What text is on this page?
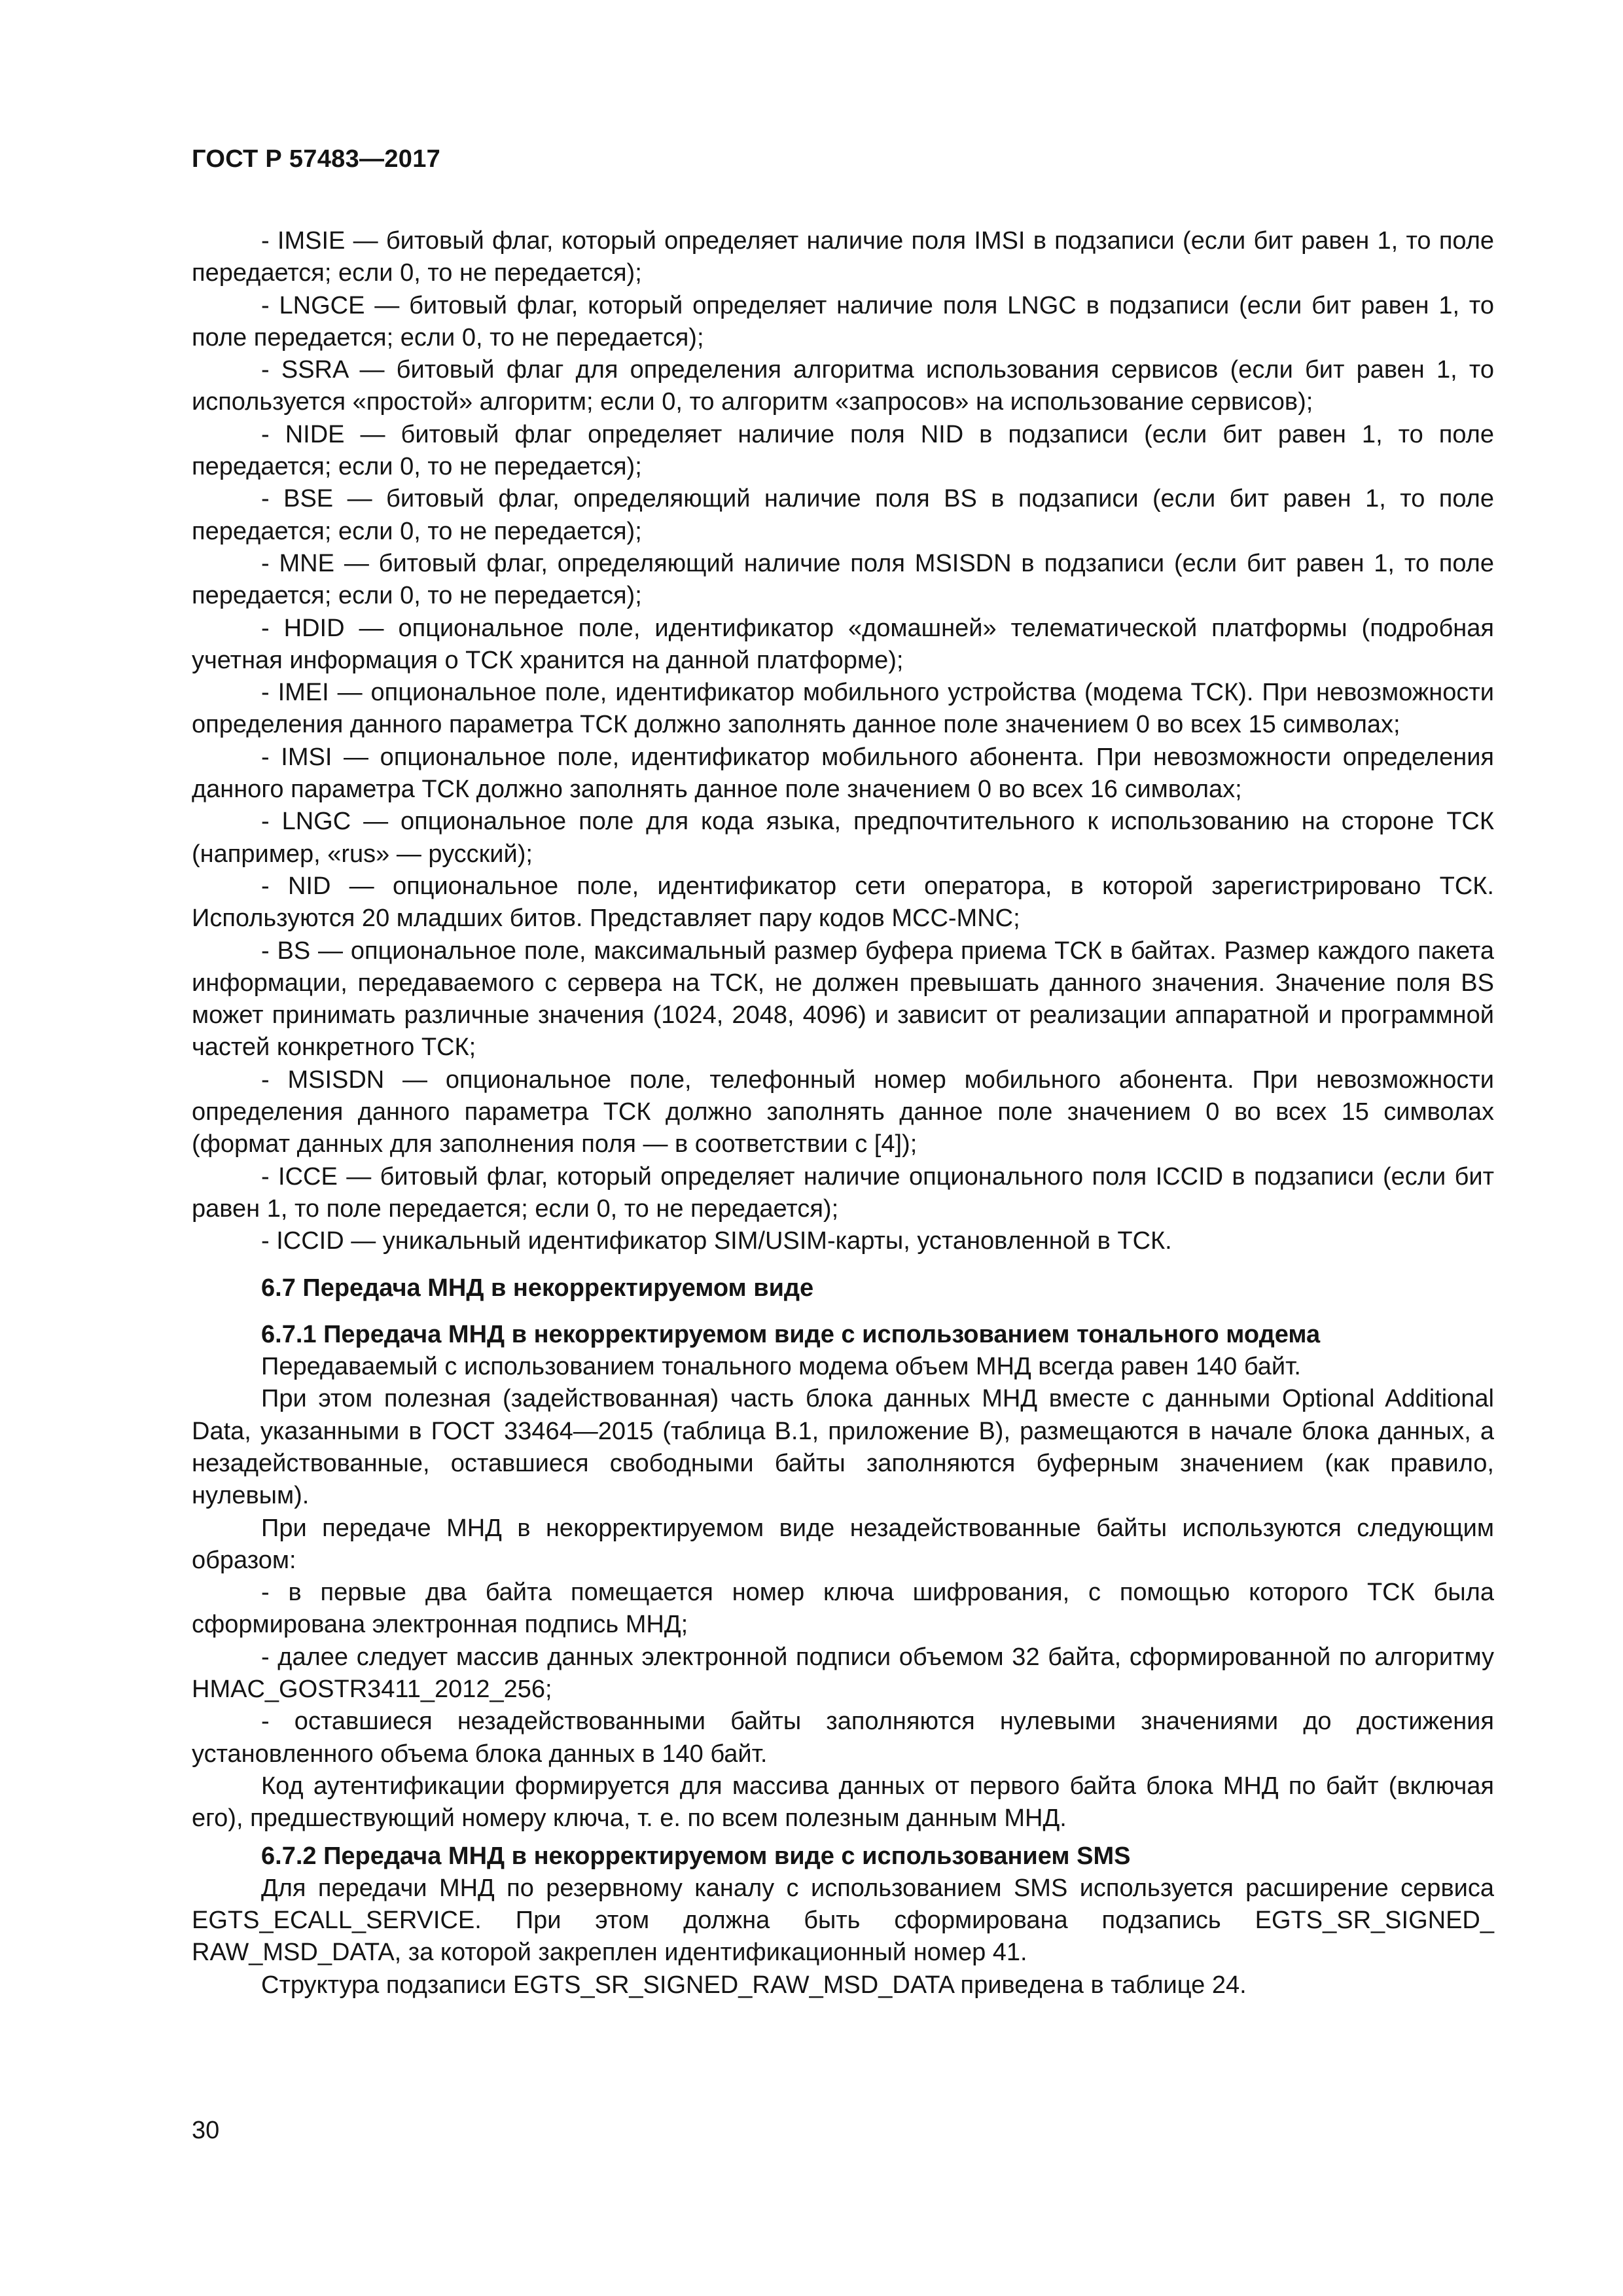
ГОСТ Р 57483—2017

- IMSIE — битовый флаг, который определяет наличие поля IMSI в подзаписи (если бит равен 1, то поле передается; если 0, то не передается);

- LNGCE — битовый флаг, который определяет наличие поля LNGC в подзаписи (если бит равен 1, то поле передается; если 0, то не передается);

- SSRA — битовый флаг для определения алгоритма использования сервисов (если бит равен 1, то используется «простой» алгоритм; если 0, то алгоритм «запросов» на использование сервисов);

- NIDE — битовый флаг определяет наличие поля NID в подзаписи (если бит равен 1, то поле передается; если 0, то не передается);

- BSE — битовый флаг, определяющий наличие поля BS в подзаписи (если бит равен 1, то поле передается; если 0, то не передается);

- MNE — битовый флаг, определяющий наличие поля MSISDN в подзаписи (если бит равен 1, то поле передается; если 0, то не передается);

- HDID — опциональное поле, идентификатор «домашней» телематической платформы (подробная учетная информация о ТСК хранится на данной платформе);

- IMEI — опциональное поле, идентификатор мобильного устройства (модема ТСК). При невозможности определения данного параметра ТСК должно заполнять данное поле значением 0 во всех 15 символах;

- IMSI — опциональное поле, идентификатор мобильного абонента. При невозможности определения данного параметра ТСК должно заполнять данное поле значением 0 во всех 16 символах;

- LNGC — опциональное поле для кода языка, предпочтительного к использованию на стороне ТСК (например, «rus» — русский);

- NID — опциональное поле, идентификатор сети оператора, в которой зарегистрировано ТСК. Используются 20 младших битов. Представляет пару кодов MCC-MNC;

- BS — опциональное поле, максимальный размер буфера приема ТСК в байтах. Размер каждого пакета информации, передаваемого с сервера на ТСК, не должен превышать данного значения. Значение поля BS может принимать различные значения (1024, 2048, 4096) и зависит от реализации аппаратной и программной частей конкретного ТСК;

- MSISDN — опциональное поле, телефонный номер мобильного абонента. При невозможности определения данного параметра ТСК должно заполнять данное поле значением 0 во всех 15 символах (формат данных для заполнения поля — в соответствии с [4]);

- ICCE — битовый флаг, который определяет наличие опционального поля ICCID в подзаписи (если бит равен 1, то поле передается; если 0, то не передается);

- ICCID — уникальный идентификатор SIM/USIM-карты, установленной в ТСК.

6.7 Передача МНД в некорректируемом виде
6.7.1 Передача МНД в некорректируемом виде с использованием тонального модема

Передаваемый с использованием тонального модема объем МНД всегда равен 140 байт.

При этом полезная (задействованная) часть блока данных МНД вместе с данными Optional Additional Data, указанными в ГОСТ 33464—2015 (таблица В.1, приложение В), размещаются в начале блока данных, а незадействованные, оставшиеся свободными байты заполняются буферным значением (как правило, нулевым).

При передаче МНД в некорректируемом виде незадействованные байты используются следующим образом:

- в первые два байта помещается номер ключа шифрования, с помощью которого ТСК была сформирована электронная подпись МНД;

- далее следует массив данных электронной подписи объемом 32 байта, сформированной по алгоритму HMAC_GOSTR3411_2012_256;

- оставшиеся незадействованными байты заполняются нулевыми значениями до достижения установленного объема блока данных в 140 байт.

Код аутентификации формируется для массива данных от первого байта блока МНД по байт (включая его), предшествующий номеру ключа, т. е. по всем полезным данным МНД.

6.7.2 Передача МНД в некорректируемом виде с использованием SMS

Для передачи МНД по резервному каналу с использованием SMS используется расширение сервиса EGTS_ECALL_SERVICE. При этом должна быть сформирована подзапись EGTS_SR_SIGNED_ RAW_MSD_DATA, за которой закреплен идентификационный номер 41.

Структура подзаписи EGTS_SR_SIGNED_RAW_MSD_DATA приведена в таблице 24.

30
